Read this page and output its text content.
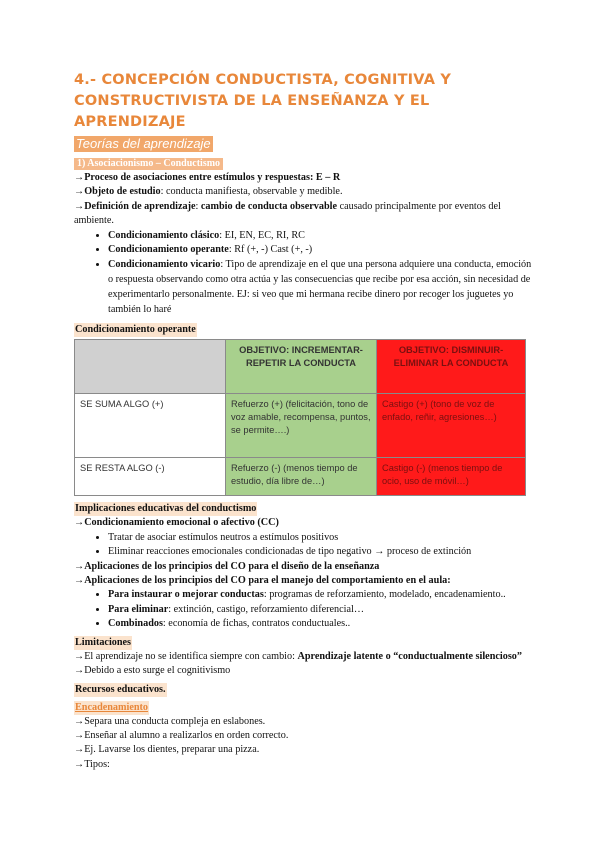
4.- CONCEPCIÓN CONDUCTISTA, COGNITIVA Y
CONSTRUCTIVISTA DE LA ENSEÑANZA Y EL APRENDIZAJE
Teorías del aprendizaje
1) Asociacionismo – Conductismo

→Proceso de asociaciones entre estímulos y respuestas: E – R

→Objeto de estudio: conducta manifiesta, observable y medible.

→Definición de aprendizaje: cambio de conducta observable causado principalmente por eventos del ambiente.

• Condicionamiento clásico: EI, EN, EC, RI, RC
• Condicionamiento operante: Rf (+, -) Cast (+, -)
• Condicionamiento vicario: Tipo de aprendizaje en el que una persona adquiere una conducta, emoción o respuesta observando como otra actúa y las consecuencias que recibe por esa acción, sin necesidad de experimentarlo personalmente. EJ: si veo que mi hermana recibe dinero por recoger los juguetes yo también lo haré
Condicionamiento operante
	OBJETIVO: INCREMENTAR-REPETIR LA CONDUCTA	OBJETIVO: DISMINUIR-ELIMINAR LA CONDUCTA
SE SUMA ALGO (+)	Refuerzo (+) (felicitación, tono de voz amable, recompensa, puntos, se permite….)	Castigo (+) (tono de voz de enfado, reñir, agresiones…)
SE RESTA ALGO (-)	Refuerzo (-) (menos tiempo de estudio, día libre de…)	Castigo (-) (menos tiempo de ocio, uso de móvil…)
Implicaciones educativas del conductismo

→Condicionamiento emocional o afectivo (CC)

• Tratar de asociar estímulos neutros a estímulos positivos
• Eliminar reacciones emocionales condicionadas de tipo negativo → proceso de extinción

→Aplicaciones de los principios del CO para el diseño de la enseñanza

→Aplicaciones de los principios del CO para el manejo del comportamiento en el aula:

• Para instaurar o mejorar conductas: programas de reforzamiento, modelado, encadenamiento..
• Para eliminar: extinción, castigo, reforzamiento diferencial…
• Combinados: economía de fichas, contratos conductuales..
Limitaciones

→El aprendizaje no se identifica siempre con cambio: Aprendizaje latente o “conductualmente silencioso”

→Debido a esto surge el cognitivismo

Recursos educativos.
Encadenamiento

→Separa una conducta compleja en eslabones.

→Enseñar al alumno a realizarlos en orden correcto.

→Ej. Lavarse los dientes, preparar una pizza.

→Tipos:
